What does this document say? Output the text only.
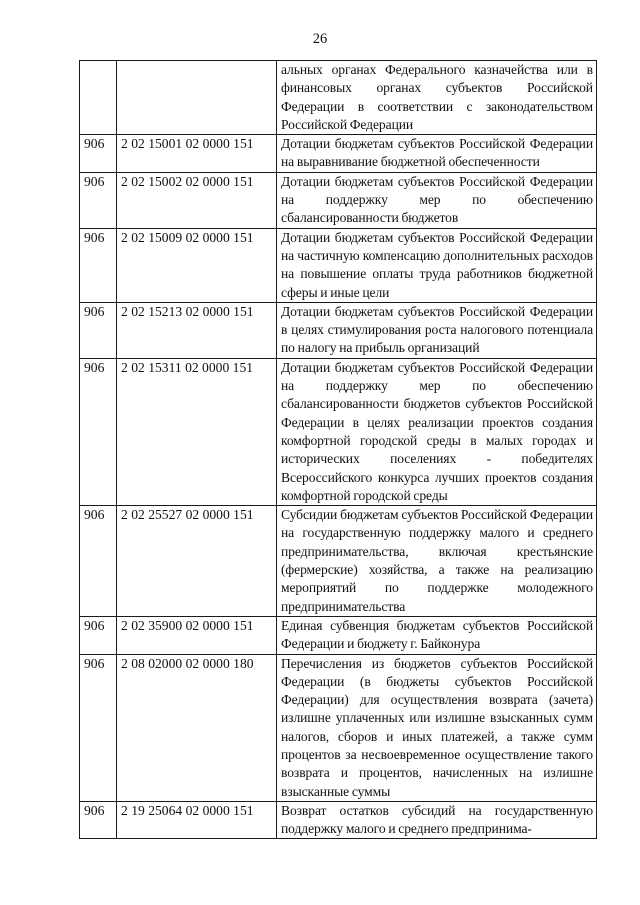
26
		альных органах Федерального казначейства или в финансовых органах субъектов Российской Федерации в соответствии с законодательством Российской Федерации
906	2 02 15001 02 0000 151	Дотации бюджетам субъектов Российской Федерации на выравнивание бюджетной обеспеченности
906	2 02 15002 02 0000 151	Дотации бюджетам субъектов Российской Федерации на поддержку мер по обеспечению сбалансированности бюджетов
906	2 02 15009 02 0000 151	Дотации бюджетам субъектов Российской Федерации на частичную компенсацию дополнительных расходов на повышение оплаты труда работников бюджетной сферы и иные цели
906	2 02 15213 02 0000 151	Дотации бюджетам субъектов Российской Федерации в целях стимулирования роста налогового потенциала по налогу на прибыль организаций
906	2 02 15311 02 0000 151	Дотации бюджетам субъектов Российской Федерации на поддержку мер по обеспечению сбалансированности бюджетов субъектов Российской Федерации в целях реализации проектов создания комфортной городской среды в малых городах и исторических поселениях - победителях Всероссийского конкурса лучших проектов создания комфортной городской среды
906	2 02 25527 02 0000 151	Субсидии бюджетам субъектов Российской Федерации на государственную поддержку малого и среднего предпринимательства, включая крестьянские (фермерские) хозяйства, а также на реализацию мероприятий по поддержке молодежного предпринимательства
906	2 02 35900 02 0000 151	Единая субвенция бюджетам субъектов Российской Федерации и бюджету г. Байконура
906	2 08 02000 02 0000 180	Перечисления из бюджетов субъектов Российской Федерации (в бюджеты субъектов Российской Федерации) для осуществления возврата (зачета) излишне уплаченных или излишне взысканных сумм налогов, сборов и иных платежей, а также сумм процентов за несвоевременное осуществление такого возврата и процентов, начисленных на излишне взысканные суммы
906	2 19 25064 02 0000 151	Возврат остатков субсидий на государственную поддержку малого и среднего предпринима-
